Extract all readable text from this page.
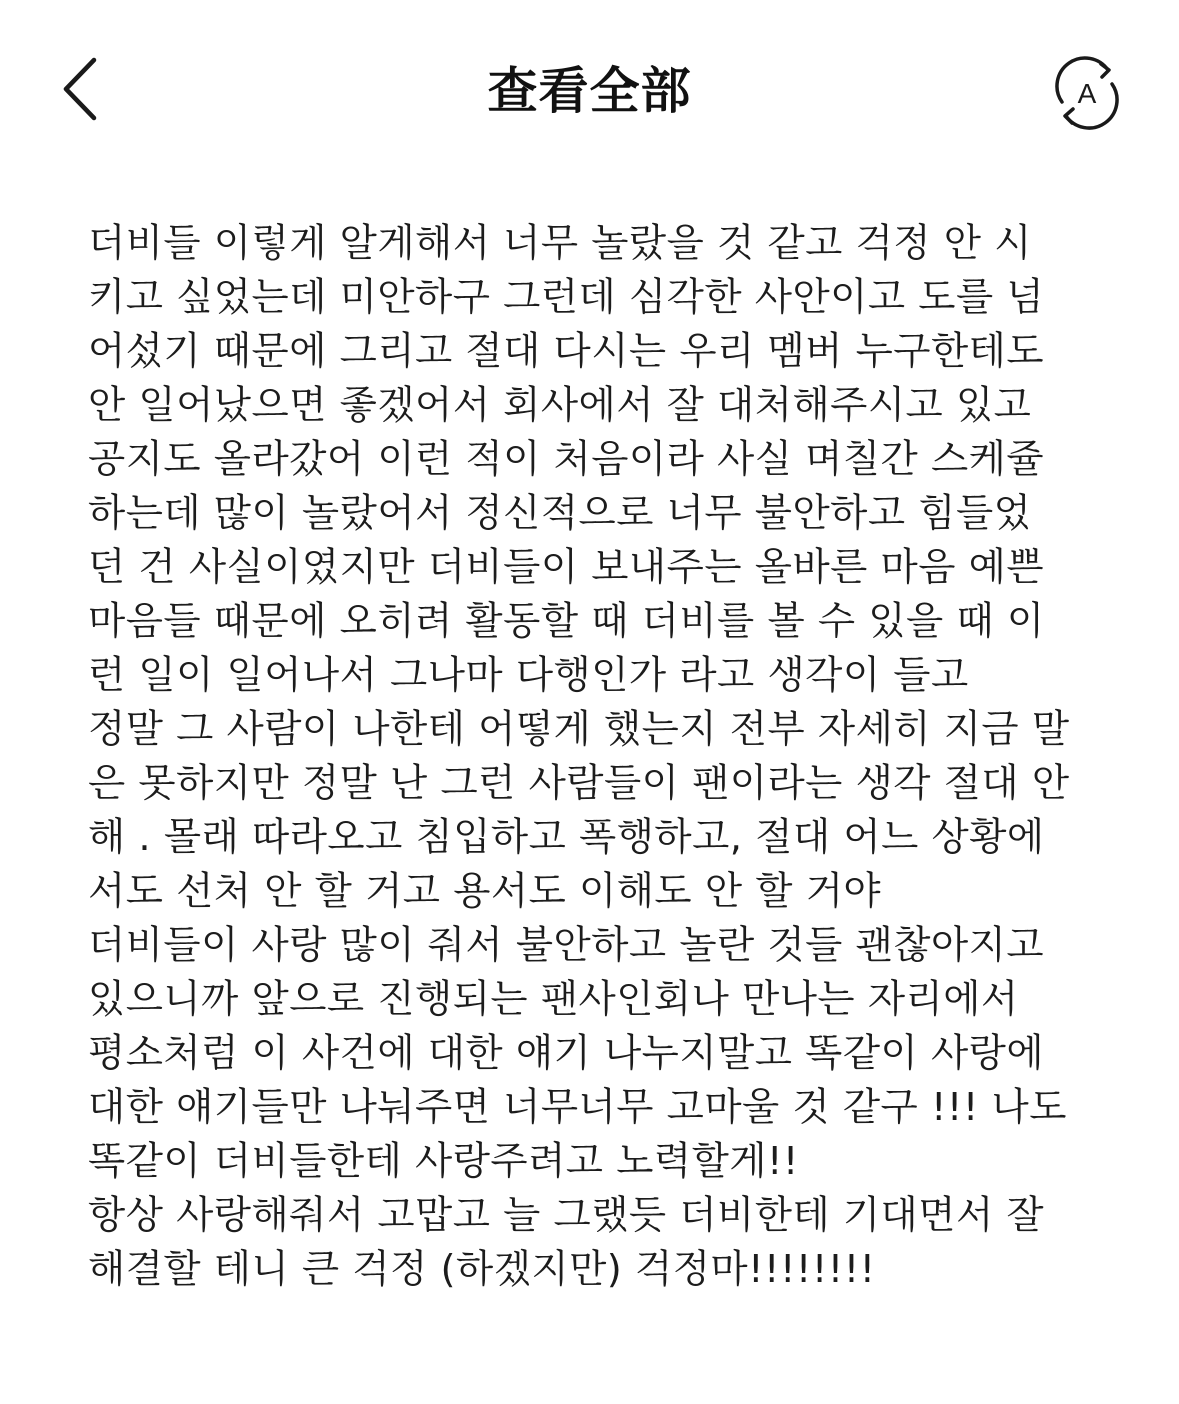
查看全部	A

더비들 이렇게 알게해서 너무 놀랐을 것 같고 걱정 안 시

키고 싶었는데 미안하구 그런데 심각한 사안이고 도를 넘

어섰기 때문에 그리고 절대 다시는 우리 멤버 누구한테도

안 일어났으면 좋겠어서 회사에서 잘 대처해주시고 있고

공지도 올라갔어 이런 적이 처음이라 사실 며칠간 스케쥴

하는데 많이 놀랐어서 정신적으로 너무 불안하고 힘들었

던 건 사실이였지만 더비들이 보내주는 올바른 마음 예쁜

마음들 때문에 오히려 활동할 때 더비를 볼 수 있을 때 이

런 일이 일어나서 그나마 다행인가 라고 생각이 들고

정말 그 사람이 나한테 어떻게 했는지 전부 자세히 지금 말

은 못하지만 정말 난 그런 사람들이 팬이라는 생각 절대 안

해 . 몰래 따라오고 침입하고 폭행하고, 절대 어느 상황에

서도 선처 안 할 거고 용서도 이해도 안 할 거야

더비들이 사랑 많이 줘서 불안하고 놀란 것들 괜찮아지고

있으니까 앞으로 진행되는 팬사인회나 만나는 자리에서

평소처럼 이 사건에 대한 얘기 나누지말고 똑같이 사랑에

대한 얘기들만 나눠주면 너무너무 고마울 것 같구 !!! 나도

똑같이 더비들한테 사랑주려고 노력할게!!

항상 사랑해줘서 고맙고 늘 그랬듯 더비한테 기대면서 잘

해결할 테니 큰 걱정 (하겠지만) 걱정마!!!!!!!!
